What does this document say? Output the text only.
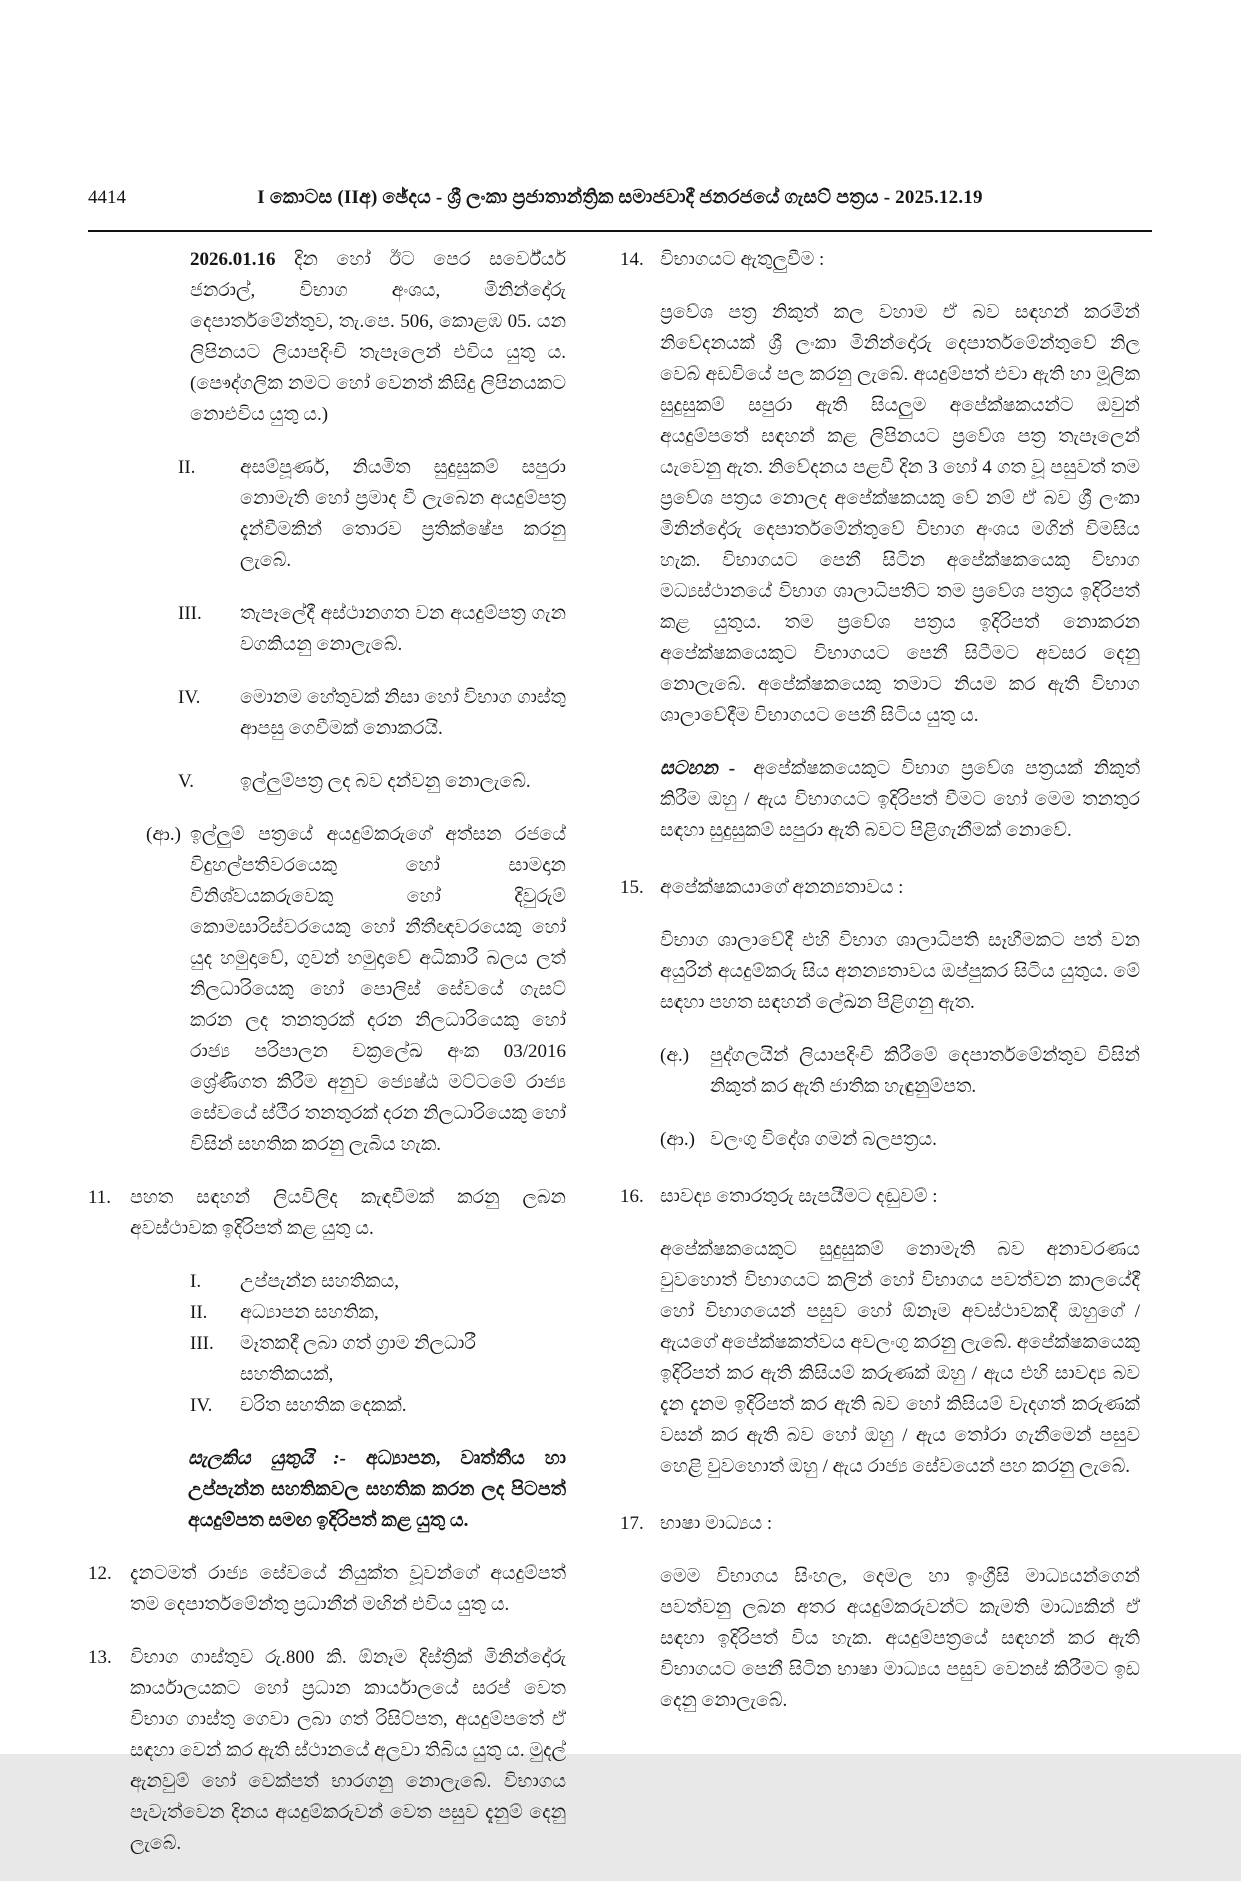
4414	I කොටස (IIඅ) ඡේදය - ශ්‍රී ලංකා ප්‍රජාතාන්ත්‍රික සමාජවාදී ජනරජයේ ගැසට් පත්‍රය - 2025.12.19

2026.01.16 දින හෝ ඊට පෙර සර්වේයර් ජනරාල්, විභාග අංශය, මිනින්දෝරු දෙපාර්තමේන්තුව, තැ.පෙ. 506, කොළඹ 05. යන ලිපිනයට ලියාපදිංචි තැපෑලෙන් එවිය යුතු ය. (පෞද්ගලික නමට හෝ වෙනත් කිසිදු ලිපිනයකට නොඑවිය යුතු ය.)

II.	අසම්පූර්ණ, නියමිත සුදුසුකම් සපුරා නොමැති හෝ ප්‍රමාද වී ලැබෙන අයදුම්පත්‍ර දැන්වීමකින් තොරව ප්‍රතික්ෂේප කරනු ලැබේ.
III.	තැපෑලේදී අස්ථානගත වන අයදුම්පත්‍ර ගැන වගකියනු නොලැබේ.
IV.	මොනම හේතුවක් නිසා හෝ විභාග ගාස්තු ආපසු ගෙවීමක් නොකරයි.
V.	ඉල්ලුම්පත්‍ර ලද බව දන්වනු නොලැබේ.
(ආ.) ඉල්ලුම් පත්‍රයේ අයදුම්කරුගේ අත්සන රජයේ විදුහල්පතිවරයෙකු හෝ සාමදාන විනිශ්වයකරුවෙකු හෝ දිවුරුම් කොමසාරිස්වරයෙකු හෝ නීතීඥවරයෙකු හෝ යුද හමුදාවේ, ගුවන් හමුදාවේ අධිකාරී බලය ලත් නිලධාරියෙකු හෝ පොලිස් සේවයේ ගැසට් කරන ලද තනතුරක් දරන නිලධාරියෙකු හෝ රාජ්‍ය පරිපාලන චක්‍රලේඛ අංක 03/2016 ශ්‍රේණිගත කිරීම අනුව ජ්‍යෙෂ්ඨ මට්ටමේ රාජ්‍ය සේවයේ ස්ථීර තනතුරක් දරන නිලධාරියෙකු හෝ විසින් සහතික කරනු ලැබිය හැක.
11. පහත සඳහන් ලියවිලිද කැඳවීමක් කරනු ලබන අවස්ථාවක ඉදිරිපත් කළ යුතු ය.
I.	උප්පැන්න සහතිකය,
II.	අධ්‍යාපන සහතික,
III.	මෑතකදී ලබා ගත් ග්‍රාම නිලධාරී සහතිකයක්,
IV.	චරිත සහතික දෙකක්.

සැලකිය යුතුයි :- අධ්‍යාපන, වෘත්තීය හා උප්පැන්න සහතිකවල සහතික කරන ලද පිටපත් අයදුම්පත සමඟ ඉදිරිපත් කළ යුතු ය.

12. දැනටමත් රාජ්‍ය සේවයේ නියුක්ත වූවන්ගේ අයදුම්පත් තම දෙපාර්තමේන්තු ප්‍රධානීන් මඟින් එවිය යුතු ය.
13. විභාග ගාස්තුව රු.800 කි. ඕනෑම දිස්ත්‍රික් මිනින්දෝරු කාර්යාලයකට හෝ ප්‍රධාන කාර්යාලයේ සරප් වෙත විභාග ගාස්තු ගෙවා ලබා ගත් රිසිට්පත, අයදුම්පතේ ඒ සඳහා වෙන් කර ඇති ස්ථානයේ අලවා තිබිය යුතු ය. මුදල් ඇනවුම් හෝ වෙක්පත් භාරගනු නොලැබේ. විභාගය පැවැත්වෙන දිනය අයදුම්කරුවන් වෙත පසුව දැනුම් දෙනු ලැබේ.
14. විභාගයට ඇතුලුවීම :

ප්‍රවේශ පත්‍ර නිකුත් කල වහාම ඒ බව සඳහන් කරමින් නිවේදනයක් ශ්‍රී ලංකා මිනින්දෝරු දෙපාර්තමේන්තුවේ නිල වෙබ් අඩවියේ පල කරනු ලැබේ. අයදුම්පත් එවා ඇති හා මූලික සුදුසුකම් සපුරා ඇති සියලුම අපේක්ෂකයන්ට ඔවුන් අයදුම්පතේ සඳහන් කළ ලිපිනයට ප්‍රවේශ පත්‍ර තැපෑලෙන් යැවෙනු ඇත. නිවේදනය පළවී දින 3 හෝ 4 ගත වූ පසුවත් තම ප්‍රවේශ පත්‍රය නොලද අපේක්ෂකයකු වේ නම් ඒ බව ශ්‍රී ලංකා මිනින්දෝරු දෙපාර්තමේන්තුවේ විභාග අංශය මගින් විමසිය හැක. විභාගයට පෙනී සිටින අපේක්ෂකයෙකු විභාග මධ්‍යස්ථානයේ විභාග ශාලාධිපතිට තම ප්‍රවේශ පත්‍රය ඉදිරිපත් කළ යුතුය. තම ප්‍රවේශ පත්‍රය ඉදිරිපත් නොකරන අපේක්ෂකයෙකුට විභාගයට පෙනී සිටීමට අවසර දෙනු නොලැබේ. අපේක්ෂකයෙකු තමාට නියම කර ඇති විභාග ශාලාවේදීම විභාගයට පෙනී සිටිය යුතු ය.

සටහන - අපේක්ෂකයෙකුට විභාග ප්‍රවේශ පත්‍රයක් නිකුත් කිරීම ඔහු / ඇය විභාගයට ඉදිරිපත් වීමට හෝ මෙම තනතුර සඳහා සුදුසුකම් සපුරා ඇති බවට පිළිගැනීමක් නොවේ.

15. අපේක්ෂකයාගේ අනන්‍යතාවය :

විභාග ශාලාවේදී එහි විභාග ශාලාධිපති සෑහීමකට පත් වන අයුරින් අයදුම්කරු සිය අනන්‍යතාවය ඔප්පුකර සිටිය යුතුය. මේ සඳහා පහත සඳහන් ලේඛන පිළිගනු ඇත.

(අ.)	පුද්ගලයින් ලියාපදිංචි කිරීමේ දෙපාර්තමේන්තුව විසින් නිකුත් කර ඇති ජාතික හැඳුනුම්පත.
(ආ.) වලංගු විදේශ ගමන් බලපත්‍රය.
16. සාවද්‍ය තොරතුරු සැපයීමට දඬුවම් :

අපේක්ෂකයෙකුට සුදුසුකම් නොමැති බව අනාවරණය වුවහොත් විභාගයට කලින් හෝ විභාගය පවත්වන කාලයේදී හෝ විභාගයෙන් පසුව හෝ ඕනෑම අවස්ථාවකදී ඔහුගේ / ඇයගේ අපේක්ෂකත්වය අවලංගු කරනු ලැබේ. අපේක්ෂකයෙකු ඉදිරිපත් කර ඇති කිසියම් කරුණක් ඔහු / ඇය එහි සාවද්‍ය බව දැන දැනම ඉදිරිපත් කර ඇති බව හෝ කිසියම් වැදගත් කරුණක් වසන් කර ඇති බව හෝ ඔහු / ඇය තෝරා ගැනීමෙන් පසුව හෙළි වුවහොත් ඔහු / ඇය රාජ්‍ය සේවයෙන් පහ කරනු ලැබේ.

17. භාෂා මාධ්‍යය :

මෙම විභාගය සිංහල, දෙමල හා ඉංග්‍රීසි මාධ්‍යයන්ගෙන් පවත්වනු ලබන අතර අයදුම්කරුවන්ට කැමති මාධ්‍යකින් ඒ සඳහා ඉදිරිපත් විය හැක. අයදුම්පත්‍රයේ සඳහන් කර ඇති විභාගයට පෙනී සිටින භාෂා මාධ්‍යය පසුව වෙනස් කිරීමට ඉඩ දෙනු නොලැබේ.
